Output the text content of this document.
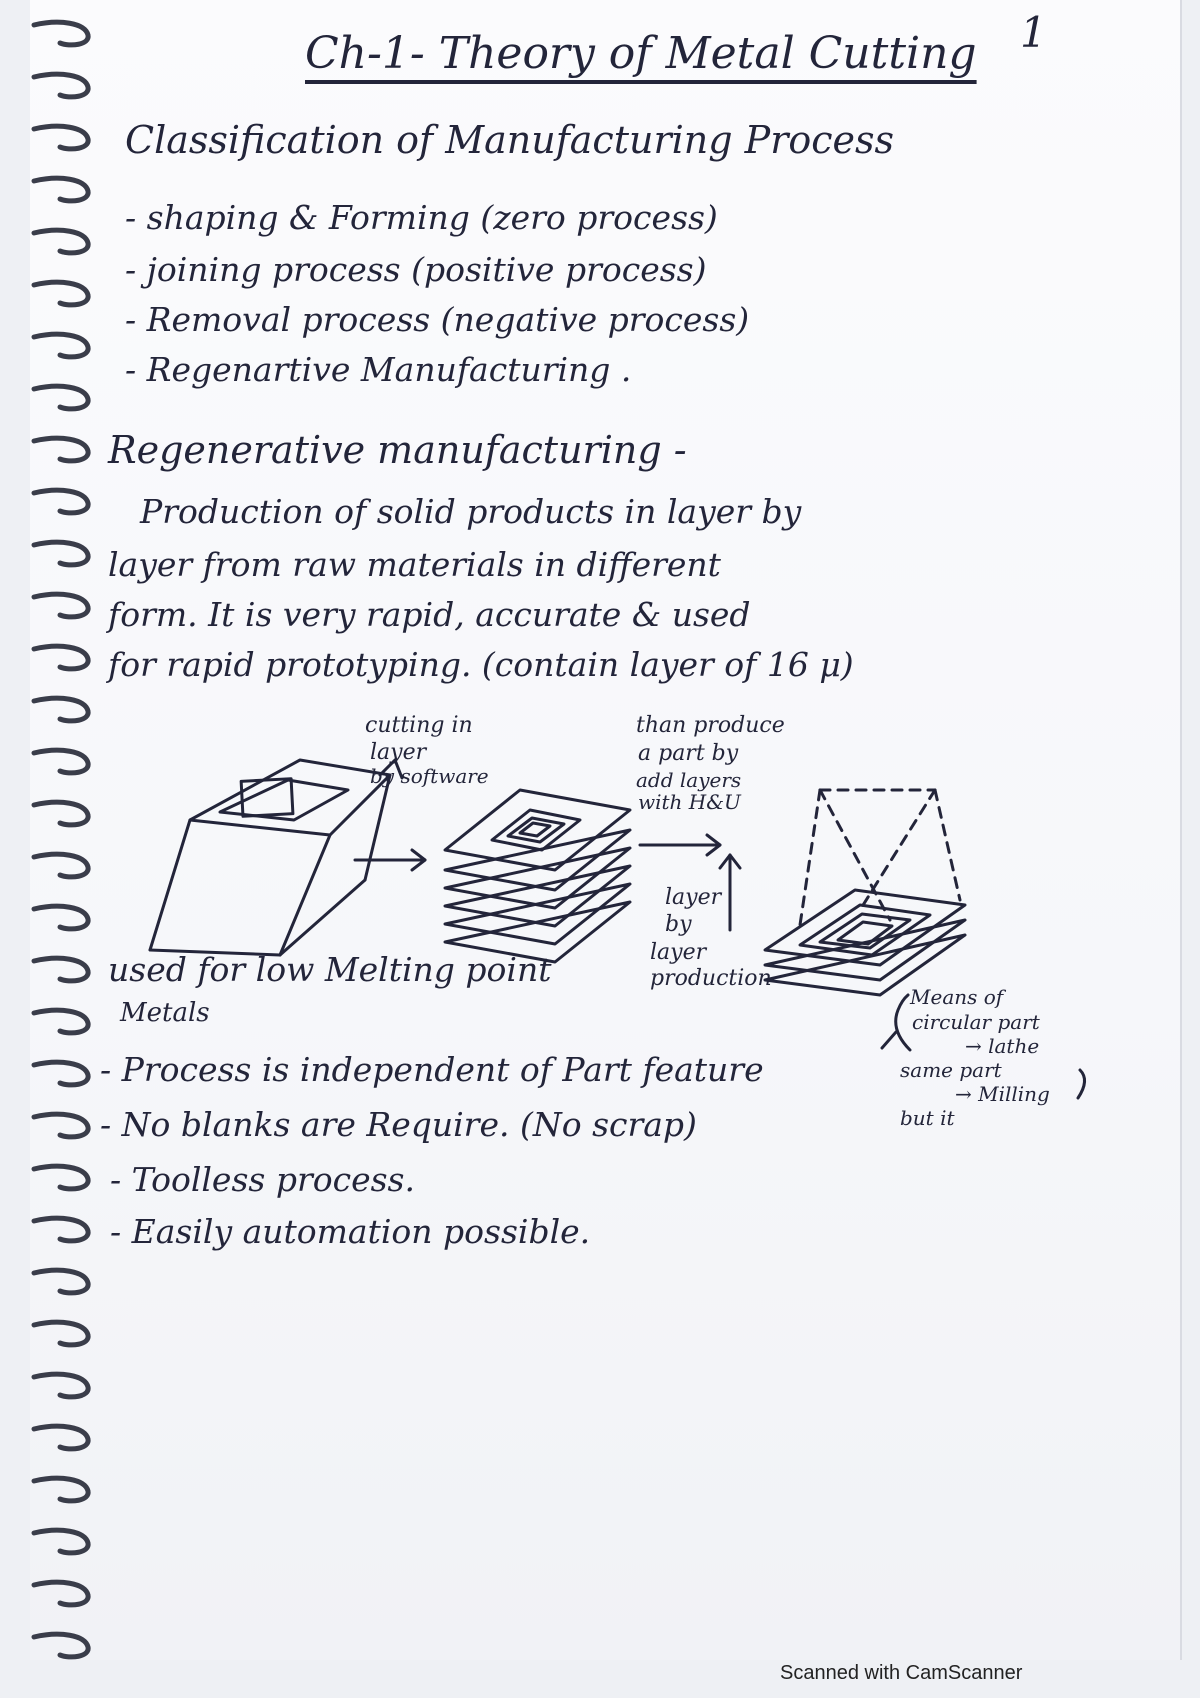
1
Ch-1- Theory of Metal Cutting
Classification of Manufacturing Process
- shaping & Forming (zero process)
- joining process (positive process)
- Removal process (negative process)
- Regenartive Manufacturing .
Regenerative manufacturing -
Production of solid products in layer by
layer from raw materials in different
form. It is very rapid, accurate & used
for rapid prototyping. (contain layer of 16 μ)
cutting in
layer
by software
than produce
a part by
add layers
with H&U
layer
by
layer
production
used for low Melting point
Metals
Means of
circular part
→ lathe
same part
→ Milling
but it
- Process is independent of Part feature
- No blanks are Require. (No scrap)
- Toolless process.
- Easily automation possible.
Scanned with CamScanner
